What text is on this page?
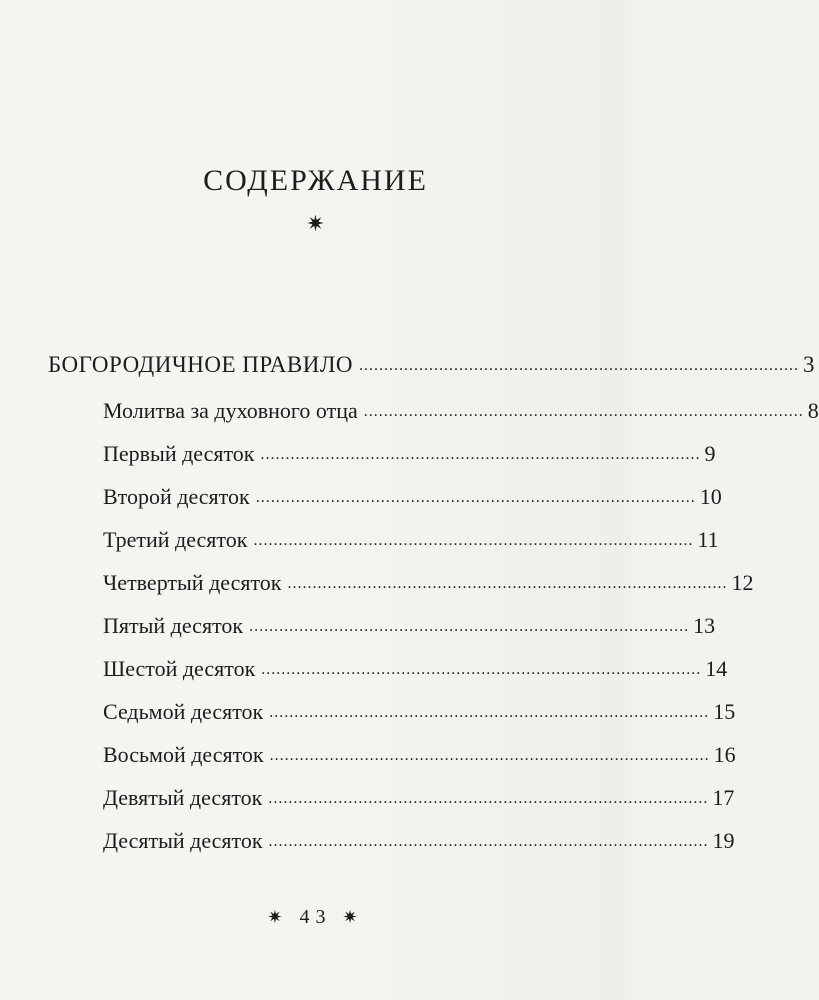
СОДЕРЖАНИЕ
✷
БОГОРОДИЧНОЕ ПРАВИЛО ........................................................................................ 3
Молитва за духовного отца ........................................................................................ 8
Первый десяток ........................................................................................ 9
Второй десяток ........................................................................................ 10
Третий десяток ........................................................................................ 11
Четвертый десяток ........................................................................................ 12
Пятый десяток ........................................................................................ 13
Шестой десяток ........................................................................................ 14
Седьмой десяток ........................................................................................ 15
Восьмой десяток ........................................................................................ 16
Девятый десяток ........................................................................................ 17
Десятый десяток ........................................................................................ 19
✷ 43 ✷
